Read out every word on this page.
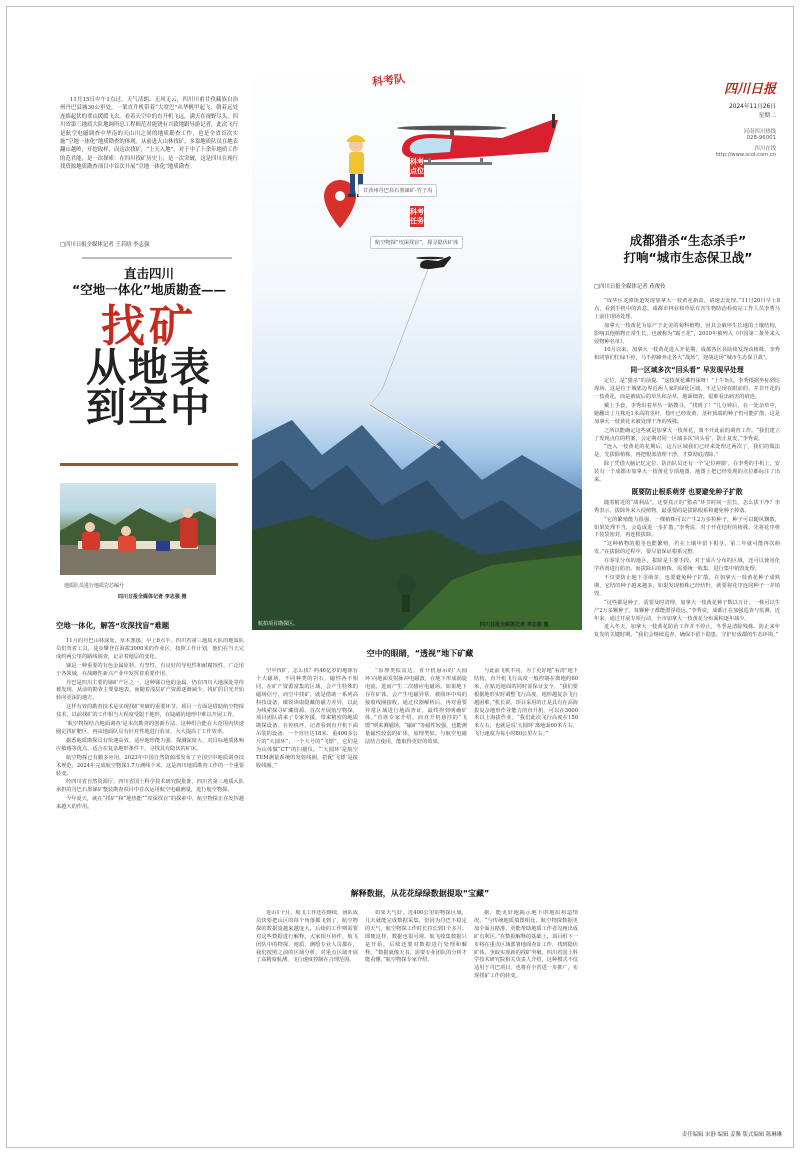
11月15日中午1点过，天气清朗、无风无云，四川川甫甘孜藏族自治州丹巴县城30公里处，一架直升机带着“大宽巴”从华帆甲起飞，朝着远处连绵起伏的翠山缓缓飞去。看着天空中的直升机飞远，满天在视野尽头，四川省第三地质大队地调所总工程师范君能饶有兴致地跟导游记者，此次飞行是航空电磁调查中华南的天山川之间的地质勘查工作，也是全省首次实施“空地一体化”地质勘查的体现。从前进入山林找矿，多靠地质队员在地表翻山越岭，开挖取样，而这次找矿，“上天入地”，对于中了十余年地质工作的范君能，是一次探索：在四川找矿历史上，是一次突破，这是四川在现行找资源地质勘查项目中首次开展“空地一体化”地质勘查。

□四川日报全媒体记者 王若晗 李志强
直击四川
“空地一体化”地质勘查——
找矿
从地表
到空中
地质队员进行地质岩芯编号
四川日报全媒体记者 李志强 摄
空地一体化，解答“攻深找盲”难题

11月的丹巴山林深处，草木葱郁，早上8点半，四川省第三地质大队的地质队员们背着工具，徒步攀登在海拔3000米的作业区，按照工作计划，他们在当天完成约两公里的路线调查，记录着地层的变化。

锑是一种重要的有色金属原料，有坚性，有良好的导电性和耐腐蚀性，广泛用于各领域，在战略性新兴产业中发挥着重要作用。

丹巴是四川主要的锑矿产区之一，这种锑白色的金属，仍在四川大地深处等待被发现。从前的勘查主要靠地表，而随着浅层矿产资源逐渐减少，找矿的目光开始转向更深的地方。

这样有效的勘查技术是实现找矿突破的重要环节。项目一方面是借助航空物探技术，以前找矿的工作相当大程度受限于地形，在陡峭的地形中难以开展工作。

‘航空物探结合地面调查’是本次勘查的创新方法。这种组合能在大范围内快速圈定找矿靶区，再由地面队员有针对性地进行验证，大大提高了工作效率。

据悉地质勘探具有快速高效、适应地形能力强、探测深度大、对目标地质体响应敏感等优点，适合在复杂地形条件下，寻找具有隐伏的矿床。

航空物探已有颇多应用，2023年中国自然资源部发布了全国空中地质调查技术规范，2024年完成航空物探1.7万测线千米，这是四川地质勘查工作的一个重要转变。

经四川省自然资源厅、四川省国土科学技术研究院批准，四川省第三地质大队承担的丹巴石墨锑矿整装勘查项目中首次运用航空电磁测量，进行航空物探。

今年夏天，就在“找矿”和“地热能”“攻深找盲”的探索中，航空物探正在发挥越来越大的作用。

科考队
科考点位
甘孜州丹巴县石墨锑矿-竹子沟
科考任务
航空物探“攻深找盲”，探寻隐伏矿体
航拍项目勘探区。	四川日报全媒体记者 李志强 摄
空中的眼睛，“透视”地下矿藏

空中找矿，怎么找？约46亿岁的地球有个大磁场，不同种类的岩石，磁性各不相同，在矿产资源富集的区域，会产生特殊的磁场信号，而空中找矿，就是借助一系列高科技设备，敏锐读取隐藏的磁力差异，以此为线索探寻矿藏资源。首次开展航空物探，项目团队请来了专家外援，带来精密的地质勘探设备。在停机坪，记者看到直升机下面吊装的设备：一个直径达18米、重400多公斤的“大圆环”，一个大号的“飞镖”，它们是为山体做“CT”的扫描仪。“‘大圆环’是航空TEM测量系统的发射线圈，搭配‘飞镖’是接收线圈。”

“原理类似雷达，直升机悬吊的‘大圆环’向地面发射脉冲电磁波，在地下形成涡旋电流，进而产生二次感应电磁场。如果地下存在矿体，会产生电磁异常，被圆环中央的接收线圈接收，通过仪器解析后，再对重要异常区域进行地面查证，最终得到明确矿体。”首席专家介绍。而直升机悬挂的“飞镖”则来测磁场，“磁矿”等磁性较强，也能测量磁性较弱的矿体，原理类似。与航空电磁法结合使用，能取得更好的效果。

与此前飞机不同，为了更好地“看清”地下结构，直升机飞行高度一般控制在离地约60米，在贴近地面的同时需保证安全。“我们要根据地形实时调整飞行高度，地形越复杂飞行越困难。”机长说。项目采用的正是具有在高海拔复杂地形作业能力的直升机，可以在3000米以上海拔作业。“我们此次飞行高度在150米左右，也就是说‘大圆环’离地面60米左右，飞行速度为每小时80公里左右。”

解释数据，从花花绿绿数据提取“宝藏”

进山1个月，航飞工作还在继续，团队成员快要把山区的每个角落都飞到了，航空物探的数据量越来越庞大，后续的工作则需要对这些数据进行解释。大家相互协作，航飞团队中的物探、地质、测绘专业人员都在，我们按照之前的区域分析，对重点区域开展了高精度航测，飞行速度控制在合理范围。

如果天气好，近400公里的物探区域，几天就能完成数据采集。但因为丹巴不稳定的天气，航空物探工作时长拉长到1个多月。即便这样，数据也很可观。航飞收集数据只是开始，后续还要对数据进行处理和解释。“数据就像天书，需要专业团队的分析才能看懂。”航空物探专家介绍。

据，能更好地揭示地下的地质构造情况。“与传统地质填图相比，航空物探数据更加全面且精准，更能帮助地质工作者勾画出成矿有利区。”在数据解释的基础上，项目组下一步将在重点区域部署地面查证工作，找到隐伏矿体，争取实现新的找矿突破。四川省国土科学技术研究院相关负责人介绍，这种模式不仅适用于丹巴项目，也将在全省进一步推广，实现找矿工作的转变。

四川日报
2024年11月26日
星期二
河南四川热线
028-96001
四川在线
http://www.scol.com.cn
成都猎杀“生态杀手”
打响“城市生态保卫战”
□四川日报全媒体记者 蒋俊传

“成华区龙潭街道发现加拿大一枝黄花新苗，请速去处理。”11月20日早上8点，看到手机中的消息，成都市林业和草原有害生物防治检疫站工作人员李秀马上前往现场处理。

加拿大一枝黄花为原产于北美的菊科植物，因其会破坏生长地的土壤结构，影响其他植物正常生长，也被称为“霸王花”，2010年被列入《中国第二批外来入侵物种名单》。

10月以来，加拿大一枝黄花进入开花期，成都各区县陆续发现该植株，李秀和同事们忙碌不停，马不停蹄奔走各大“战场”，迎战这场“城市生态保卫战”。

同一区域多次“回头看” 早发现早处理

定位，是“猎杀”的前提。“这枝黄花藏得深呀！”上午9点，李秀根据坐标到达现场，这是位于城郊边界近两人家的绿化区域，不过呈现在眼前的，并非开花的一枝黄花，而是被砍后的草丛和杂草，地面细查，很难看出病害的痕迹。

戴上手套，李秀沿着草丛一路搜寻，“找到了！”几分钟后，在一处杂草中，她翻出了几株近1米高的茎秆，枝叶已经发黄，茎秆顶端的种子仍可能扩散，这是加拿大一枝黄花未被处理干净的残株。

之所以能确定这些就是加拿大一枝黄花，离不开此前的调查工作。“我们建立了发现点位的档案，会定期对同一区域多次‘回头看’，防止复发。”李秀说。

“连入一枝黄花的花期后，这片区域我们已经来处理过两次了，我们的做法是，先拔除植株，再把根部清理干净，才算彻底清除。”

除了凭借大脑记忆定位，防治队员还有一个‘定位神器’。在李秀的手机上，安装有一个成都市加拿大一枝黄花专项地图，地图上把已经发现的点位都标注了出来。

既要防止根系萌芽 也要避免种子扩散

随着附近的“战利品”，还要真正的“猎杀”环节时间一拉长。怎么拔干净？李秀表示，拔除外来入侵植物，最重要的是拔除根系和避免种子掉落。

“它的繁殖能力很强，一棵植株可以产生2万多粒种子，种子可以随风飘散，如果处理不当，会造成进一步扩散。”李秀说，对于开花结籽的植株，先将花序剪下装袋密封，再连根拔除。

“这种植物的根茎也能繁殖，若在土壤中留下根茎，第二年就可能再次萌发。”在拔除的过程中，要尽量保证根系完整。

在零星分布的地区，拔除是主要手段。对于成片分布的区域，还可以使用化学药剂进行防治。而拔除后的植株，需要统一收集，进行集中销毁处理。

不仅要防止地下茎萌芽，也要避免种子扩散。在加拿大一枝黄花种子成熟期，它结的种子越来越多，如果发现植株已经结籽，就要将花序连同种子一并销毁。

“这些都是种子，需要及时清理，加拿大一枝黄花种子数以万计，一株可以生产2万多颗种子。每颗种子都能漂浮很远。”李秀说，成都正在加强巡查与监测，近年来，通过开展专项行动，全市加拿大一枝黄花分布面积逐年减少。

进入冬天，加拿大一枝黄花防治工作并不停止，冬季是清除残株、防止来年复发的关键时期。“我们会继续巡查，确保不留下隐患，守护好成都的生态环境。”

责任编辑 宋静 编辑 姜馨 版式编辑 陈琳琳
